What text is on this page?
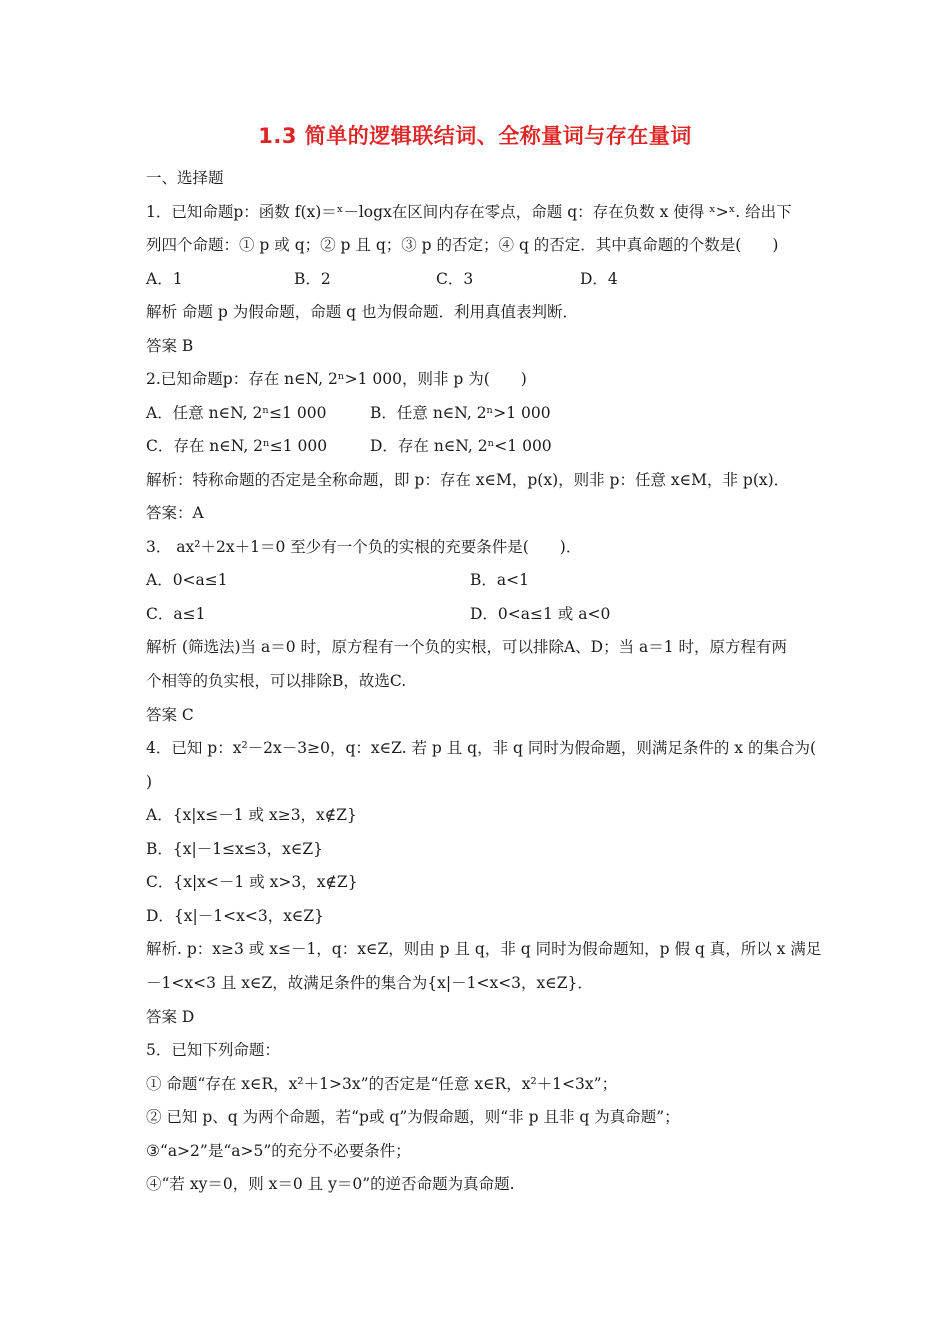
1.3 简单的逻辑联结词、全称量词与存在量词
一、选择题
1．已知命题p：函数 f(x)＝ˣ－logx在区间内存在零点，命题 q：存在负数 x 使得 ˣ>ˣ. 给出下
列四个命题：① p 或 q；② p 且 q；③ p 的否定；④ q 的否定．其中真命题的个数是(　　)
解析 命题 p 为假命题，命题 q 也为假命题．利用真值表判断．
答案 B
2.已知命题p：存在 n∈N, 2ⁿ>1 000，则非 p 为(　　)
解析：特称命题的否定是全称命题，即 p：存在 x∈M，p(x)，则非 p：任意 x∈M，非 p(x)．
答案：A
3． ax²＋2x＋1＝0 至少有一个负的实根的充要条件是(　　)．
解析 (筛选法)当 a＝0 时，原方程有一个负的实根，可以排除A、D；当 a＝1 时，原方程有两
个相等的负实根，可以排除B，故选C.
答案 C
4．已知 p：x²－2x－3≥0，q：x∈Z. 若 p 且 q，非 q 同时为假命题，则满足条件的 x 的集合为(
)
A．{x|x≤－1 或 x≥3，x∉Z}
B．{x|－1≤x≤3，x∈Z}
C．{x|x<－1 或 x>3，x∉Z}
D．{x|－1<x<3，x∈Z}
解析. p：x≥3 或 x≤－1，q：x∈Z，则由 p 且 q，非 q 同时为假命题知，p 假 q 真，所以 x 满足
－1<x<3 且 x∈Z，故满足条件的集合为{x|－1<x<3，x∈Z}．
答案 D
5．已知下列命题：
① 命题“存在 x∈R，x²＋1>3x”的否定是“任意 x∈R，x²＋1<3x”；
② 已知 p、q 为两个命题，若“p或 q”为假命题，则“非 p 且非 q 为真命题”；
③“a>2”是“a>5”的充分不必要条件；
④“若 xy＝0，则 x＝0 且 y＝0”的逆否命题为真命题.
A．1	B．2	C．3	D．4
A．任意 n∈N, 2ⁿ≤1 000	B．任意 n∈N, 2ⁿ>1 000
C．存在 n∈N, 2ⁿ≤1 000	D．存在 n∈N, 2ⁿ<1 000
A．0<a≤1	B．a<1
C．a≤1	D．0<a≤1 或 a<0
